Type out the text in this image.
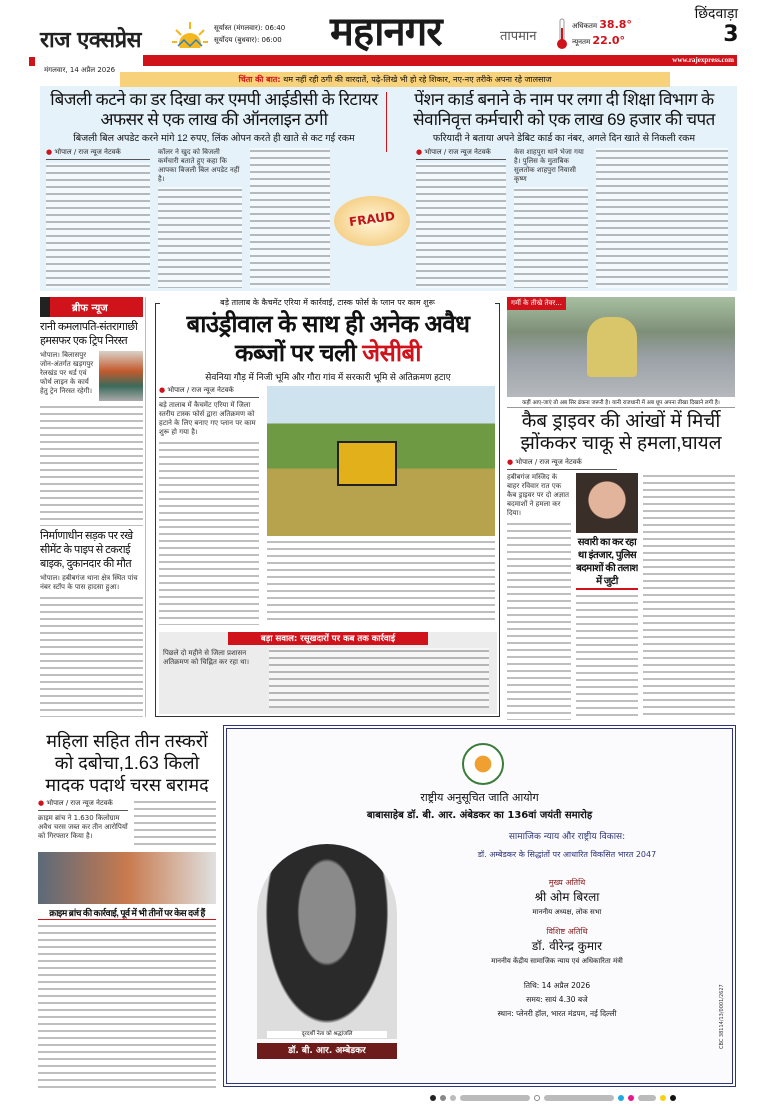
राज एक्सप्रेस
मंगलवार, 14 अप्रैल 2026
सूर्यास्त (मंगलवार): 06:40
सूर्योदय (बुधवार): 06:00 महानगर	तापमान
अधिकतम 38.8°
न्यूनतम 22.0°
छिंदवाड़ा
3
www.rajexpress.com
चिंता की बात: थम नहीं रही ठगी की वारदातें, पढ़े-लिखे भी हो रहे शिकार, नए-नए तरीके अपना रहे जालसाज
बिजली कटने का डर दिखा कर एमपी आईडीसी के रिटायर अफसर से एक लाख की ऑनलाइन ठगी
बिजली बिल अपडेट करने मांगे 12 रुपए, लिंक ओपन करते ही खाते से कट गई रकम
● भोपाल / राज न्यूज नेटवर्क	कॉलर ने खुद को बिजली कर्मचारी बताते हुए कहा कि आपका बिजली बिल अपडेट नहीं है।
FRAUD
पेंशन कार्ड बनाने के नाम पर लगा दी शिक्षा विभाग के सेवानिवृत्त कर्मचारी को एक लाख 69 हजार की चपत
फरियादी ने बताया अपने डेबिट कार्ड का नंबर, अगले दिन खाते से निकली रकम
● भोपाल / राज न्यूज नेटवर्क	केस शाहपुरा थाने भेजा गया है। पुलिस के मुताबिक सुलतोक शाहपुरा निवासी कृष्ण
ब्रीफ न्यूज
रानी कमलापति-संतरागाछी हमसफर एक ट्रिप निरस्त
भोपाल। बिलासपुर जोन-अंतर्गत खड़गपुर रेलखंड पर थर्ड एवं फोर्थ लाइन के कार्य हेतु ट्रेन निरस्त रहेगी।
निर्माणाधीन सड़क पर रखे सीमेंट के पाइप से टकराई बाइक, दुकानदार की मौत
भोपाल। हबीबगंज थाना क्षेत्र स्थित पांच नंबर स्टॉप के पास हादसा हुआ।
बड़े तालाब के कैचमेंट एरिया में कार्रवाई, टास्क फोर्स के प्लान पर काम शुरू
बाउंड्रीवाल के साथ ही अनेक अवैध कब्जों पर चली जेसीबी
सेवनिया गौड़ में निजी भूमि और गौरा गांव में सरकारी भूमि से अतिक्रमण हटाए
● भोपाल / राज न्यूज नेटवर्क
बड़े तालाब में कैचमेंट एरिया में जिला स्तरीय टास्क फोर्स द्वारा अतिक्रमण को हटाने के लिए बनाए गए प्लान पर काम शुरू हो गया है।
बड़ा सवाल: रसूखदारों पर कब तक कार्रवाई
पिछले दो महीने से जिला प्रशासन अतिक्रमण को चिह्नित कर रहा था।
गर्मी के तीखे तेवर...
कहीं आए-जाएं तो अब सिर ढंकना जरूरी है। यानी राजधानी में अब धूप अपना तीखा दिखाने लगी है।
कैब ड्राइवर की आंखों में मिर्ची झोंककर चाकू से हमला,घायल
● भोपाल / राज न्यूज नेटवर्क
हबीबगंज मस्जिद के बाहर रविवार रात एक कैब ड्राइवर पर दो अज्ञात बदमाशों ने हमला कर दिया।
सवारी का कर रहा था इंतजार, पुलिस बदमाशों की तलाश में जुटी
महिला सहित तीन तस्करों को दबोचा,1.63 किलो मादक पदार्थ चरस बरामद
● भोपाल / राज न्यूज नेटवर्क
क्राइम ब्रांच ने 1.630 किलोग्राम अवैध चरस जब्त कर तीन आरोपियों को गिरफ्तार किया है।
क्राइम ब्रांच की कार्रवाई, पूर्व में भी तीनों पर केस दर्ज हैं
राष्ट्रीय अनुसूचित जाति आयोग
बाबासाहेब डॉ. बी. आर. अंबेडकर का 136वां जयंती समारोह
दूरदर्शी नेता को श्रद्धांजलि
डॉ. बी. आर. अम्बेडकर
सामाजिक न्याय और राष्ट्रीय विकास:
डॉ. अम्बेडकर के सिद्धांतों पर आधारित विकसित भारत 2047
मुख्य अतिथि
श्री ओम बिरला
माननीय अध्यक्ष, लोक सभा
विशिष्ट अतिथि
डॉ. वीरेन्द्र कुमार
माननीय केंद्रीय सामाजिक न्याय एवं अधिकारिता मंत्री
तिथि: 14 अप्रैल 2026
समय: सायं 4.30 बजे
स्थान: प्लेनरी हॉल, भारत मंडपम, नई दिल्ली	CBC 38114/13/0001/2627
